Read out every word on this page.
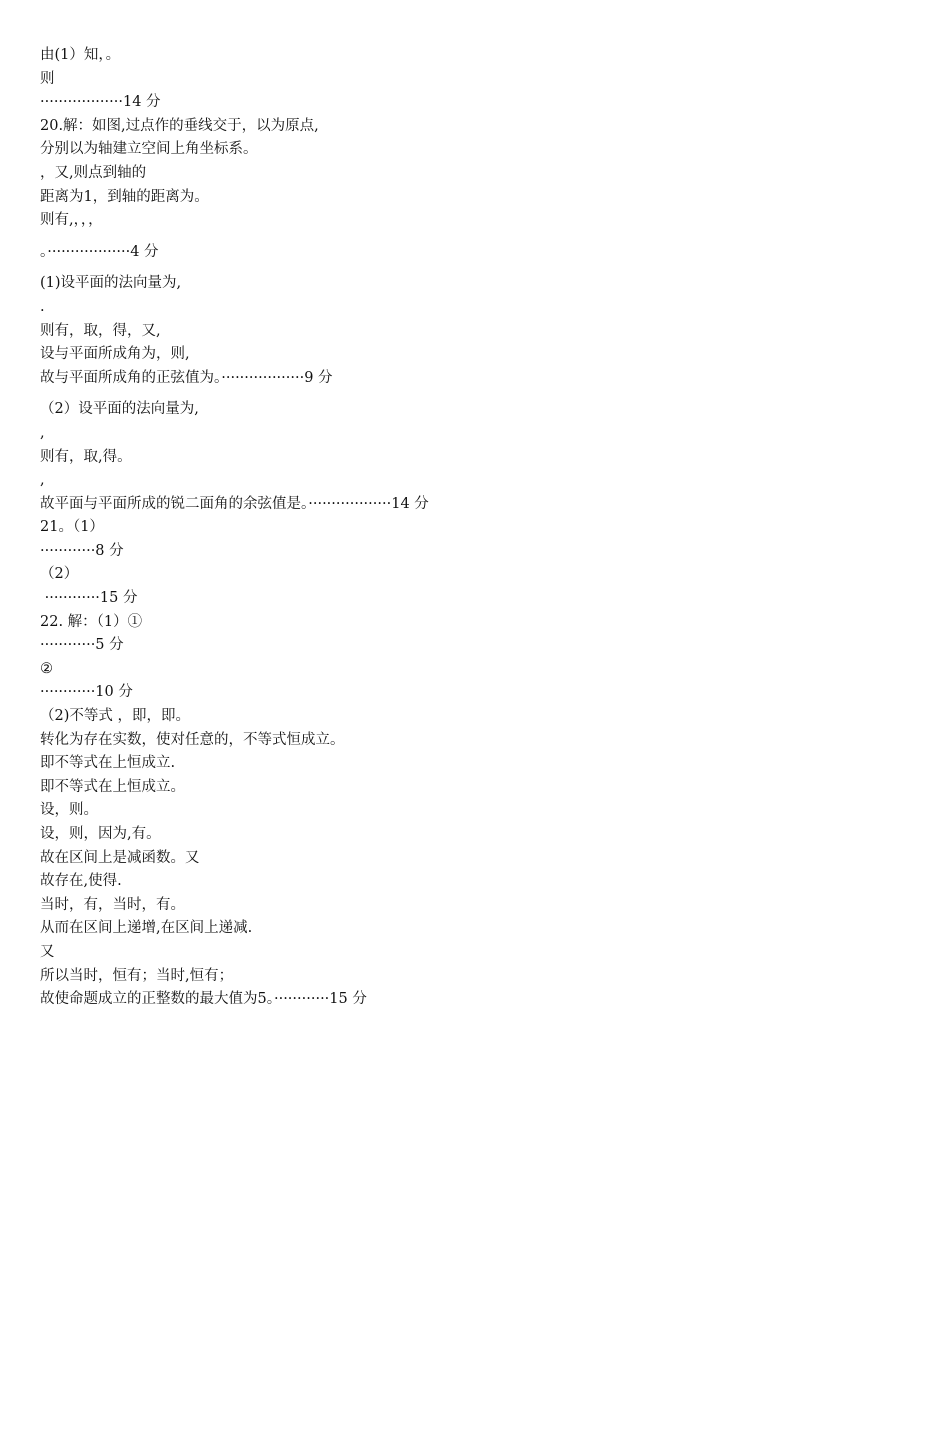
由(1）知，。
则
··················14 分
20.解：如图,过点作的垂线交于，以为原点,
分别以为轴建立空间上角坐标系。
，又,则点到轴的
距离为1，到轴的距离为。
则有,，，，
。··················4 分
(1)设平面的法向量为,
.
则有，取，得，又,
设与平面所成角为，则,
故与平面所成角的正弦值为。··················9 分
（2）设平面的法向量为,
,
则有，取,得。
,
故平面与平面所成的锐二面角的余弦值是。··················14 分
21。（1）
············8 分
（2）
············15 分
22. 解：（1）①
············5 分
②
············10 分
（2)不等式 ，即，即。
转化为存在实数，使对任意的，不等式恒成立。
即不等式在上恒成立.
即不等式在上恒成立。
设，则。
设，则，因为,有。
故在区间上是减函数。又
故存在,使得.
当时，有，当时，有。
从而在区间上递增,在区间上递减.
又
所以当时，恒有；当时,恒有；
故使命题成立的正整数的最大值为5。············15 分
